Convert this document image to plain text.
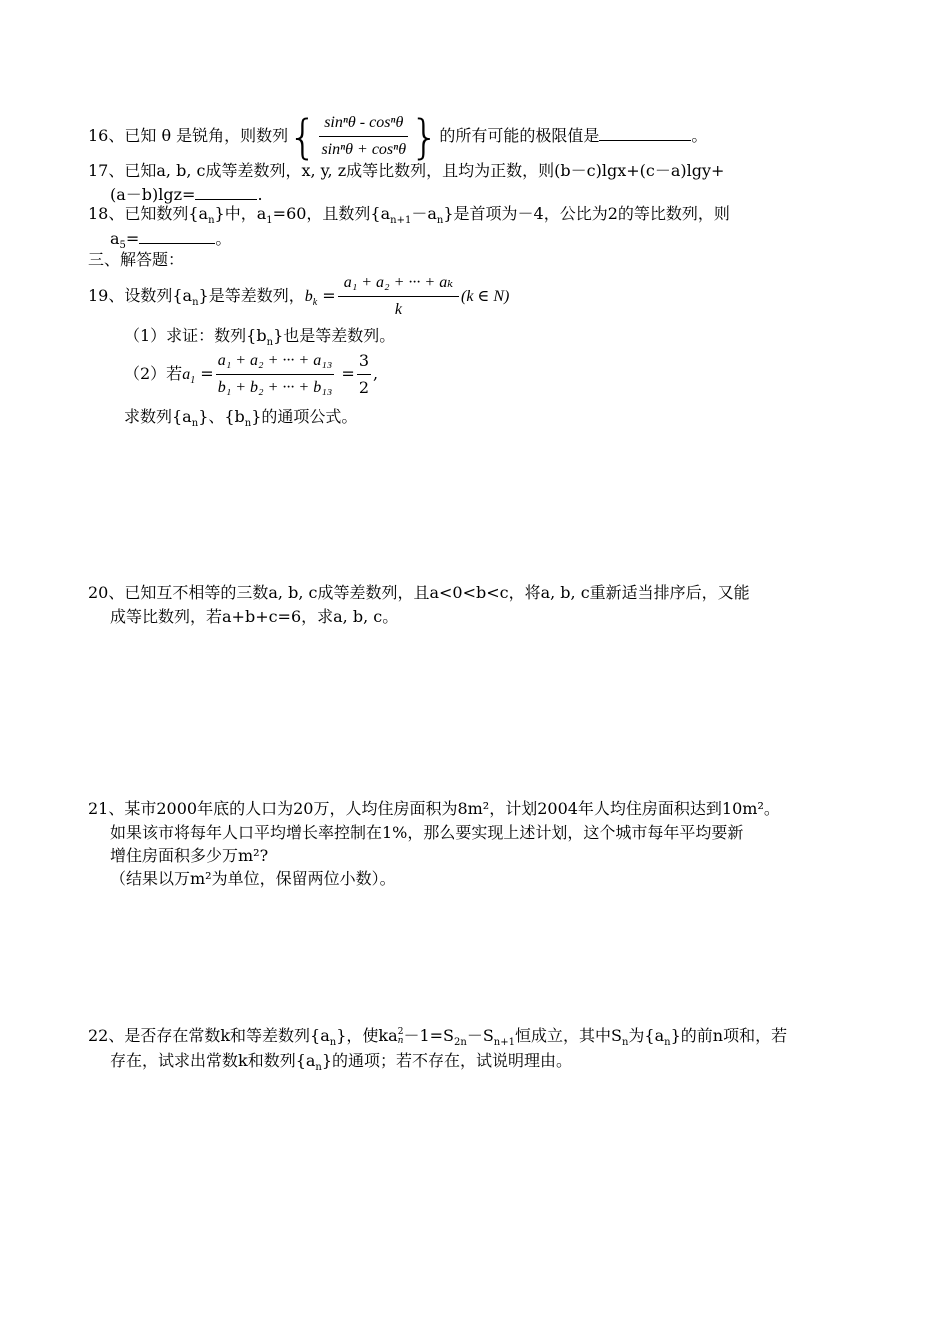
16、已知 θ 是锐角，则数列{ $\frac{\text{sinⁿθ - cosⁿθ}}{\text{sinⁿθ + cosⁿθ}}$ }的所有可能的极限值是	。
17、已知a, b, c成等差数列，x, y, z成等比数列，且均为正数，则(b－c)lgx+(c－a)lgy+
(a－b)lgz=	.
18、已知数列$\{a_n\}$中，$a_1=60$，且数列$\{a_{n+1}-a_n\}$是首项为－4，公比为2的等比数列，则
$a_5=$	。
三、解答题：
19、设数列$\{a_n\}$是等差数列，$b_k = \frac{\text{a₁ + a₂ + ··· + aₖ}}{k} (k$ ∈ N)
（1）求证：数列$\{b_n\}$也是等差数列。
（2）若$a_1 = \frac{\text{a₁ + a₂ + ··· + a₁₃}}{\text{b₁ + b₂ + ··· + b₁₃}} = \frac{3}{2}$ ,
求数列$\{a_n\}$、$\{b_n\}$的通项公式。
20、已知互不相等的三数a, b, c成等差数列，且a<0<b<c，将a, b, c重新适当排序后，又能
成等比数列，若a+b+c=6，求a, b, c。
21、某市2000年底的人口为20万，人均住房面积为8m²，计划2004年人均住房面积达到10m²。
如果该市将每年人口平均增长率控制在1%，那么要实现上述计划，这个城市每年平均要新
增住房面积多少万m²?
（结果以万m²为单位，保留两位小数）。
22、是否存在常数k和等差数列$\{a_n\}$，使ka 2
$n -1=S_{2n}-S_{n+1}$恒成立，其中$S_n$为$\{a_n\}$的前n项和，若
存在，试求出常数k和数列$\{a_n\}$的通项；若不存在，试说明理由。
